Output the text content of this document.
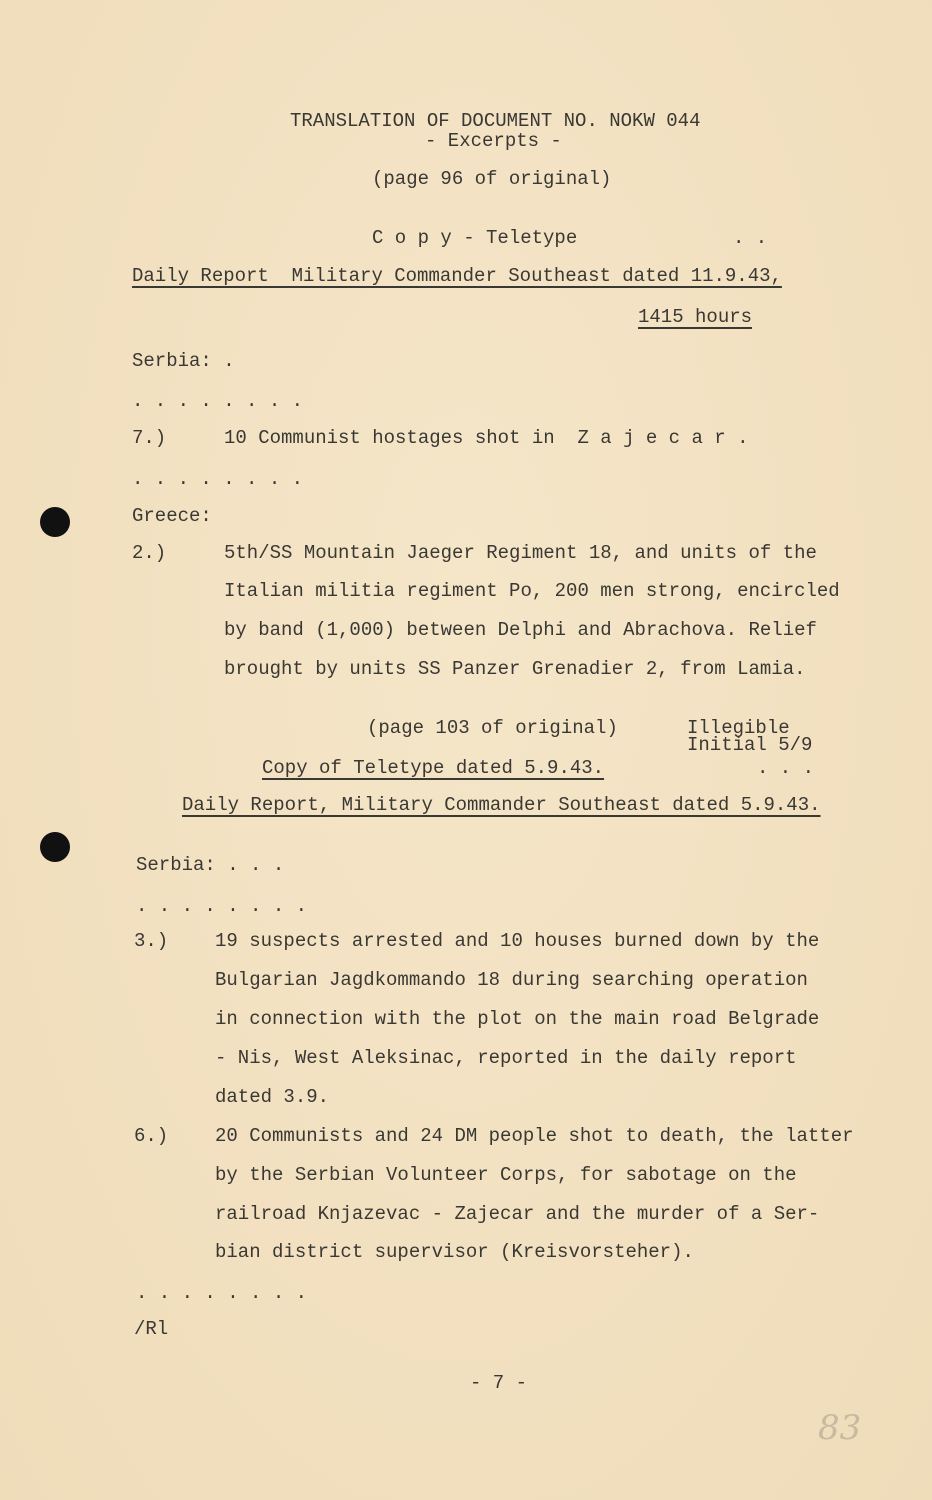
TRANSLATION OF DOCUMENT NO. NOKW 044
- Excerpts -
(page 96 of original)
C o p y - Teletype	. .
Daily Report  Military Commander Southeast dated 11.9.43,
1415 hours
Serbia: .
. . . . . . . .
7.)	10 Communist hostages shot in  Z a j e c a r .
. . . . . . . .
Greece:
2.)	5th/SS Mountain Jaeger Regiment 18, and units of the
Italian militia regiment Po, 200 men strong, encircled
by band (1,000) between Delphi and Abrachova. Relief
brought by units SS Panzer Grenadier 2, from Lamia.
(page 103 of original)	Illegible
Initial 5/9
Copy of Teletype dated 5.9.43.	. . .
Daily Report, Military Commander Southeast dated 5.9.43.
Serbia: . . .
. . . . . . . .
3.) 19 suspects arrested and 10 houses burned down by the
Bulgarian Jagdkommando 18 during searching operation
in connection with the plot on the main road Belgrade
- Nis, West Aleksinac, reported in the daily report
dated 3.9.
6.) 20 Communists and 24 DM people shot to death, the latter
by the Serbian Volunteer Corps, for sabotage on the
railroad Knjazevac - Zajecar and the murder of a Ser-
bian district supervisor (Kreisvorsteher).
. . . . . . . .
/Rl
- 7 -
83
